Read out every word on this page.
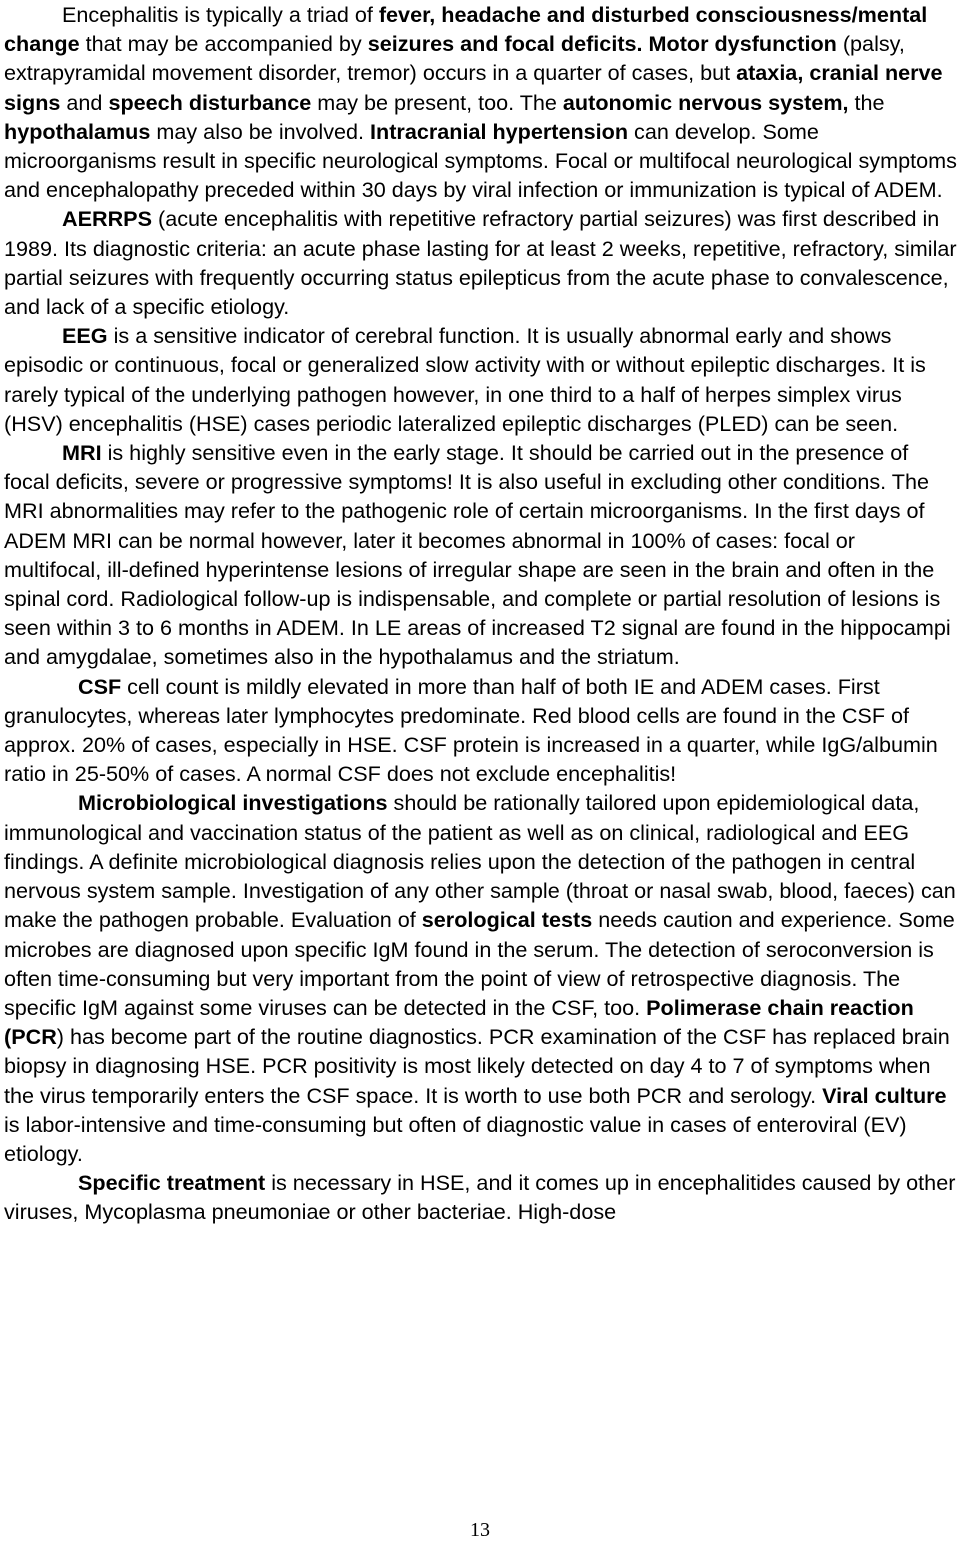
Encephalitis is typically a triad of fever, headache and disturbed consciousness/mental change that may be accompanied by seizures and focal deficits. Motor dysfunction (palsy, extrapyramidal movement disorder, tremor) occurs in a quarter of cases, but ataxia, cranial nerve signs and speech disturbance may be present, too. The autonomic nervous system, the hypothalamus may also be involved. Intracranial hypertension can develop. Some microorganisms result in specific neurological symptoms. Focal or multifocal neurological symptoms and encephalopathy preceded within 30 days by viral infection or immunization is typical of ADEM.

AERRPS (acute encephalitis with repetitive refractory partial seizures) was first described in 1989. Its diagnostic criteria: an acute phase lasting for at least 2 weeks, repetitive, refractory, similar partial seizures with frequently occurring status epilepticus from the acute phase to convalescence, and lack of a specific etiology.

EEG is a sensitive indicator of cerebral function. It is usually abnormal early and shows episodic or continuous, focal or generalized slow activity with or without epileptic discharges. It is rarely typical of the underlying pathogen however, in one third to a half of herpes simplex virus (HSV) encephalitis (HSE) cases periodic lateralized epileptic discharges (PLED) can be seen.

MRI is highly sensitive even in the early stage. It should be carried out in the presence of focal deficits, severe or progressive symptoms! It is also useful in excluding other conditions. The MRI abnormalities may refer to the pathogenic role of certain microorganisms. In the first days of ADEM MRI can be normal however, later it becomes abnormal in 100% of cases: focal or multifocal, ill-defined hyperintense lesions of irregular shape are seen in the brain and often in the spinal cord. Radiological follow-up is indispensable, and complete or partial resolution of lesions is seen within 3 to 6 months in ADEM. In LE areas of increased T2 signal are found in the hippocampi and amygdalae, sometimes also in the hypothalamus and the striatum.

CSF cell count is mildly elevated in more than half of both IE and ADEM cases. First granulocytes, whereas later lymphocytes predominate. Red blood cells are found in the CSF of approx. 20% of cases, especially in HSE. CSF protein is increased in a quarter, while IgG/albumin ratio in 25-50% of cases. A normal CSF does not exclude encephalitis!

Microbiological investigations should be rationally tailored upon epidemiological data, immunological and vaccination status of the patient as well as on clinical, radiological and EEG findings. A definite microbiological diagnosis relies upon the detection of the pathogen in central nervous system sample. Investigation of any other sample (throat or nasal swab, blood, faeces) can make the pathogen probable. Evaluation of serological tests needs caution and experience. Some microbes are diagnosed upon specific IgM found in the serum. The detection of seroconversion is often time-consuming but very important from the point of view of retrospective diagnosis. The specific IgM against some viruses can be detected in the CSF, too. Polimerase chain reaction (PCR) has become part of the routine diagnostics. PCR examination of the CSF has replaced brain biopsy in diagnosing HSE. PCR positivity is most likely detected on day 4 to 7 of symptoms when the virus temporarily enters the CSF space. It is worth to use both PCR and serology. Viral culture is labor-intensive and time-consuming but often of diagnostic value in cases of enteroviral (EV) etiology.

Specific treatment is necessary in HSE, and it comes up in encephalitides caused by other viruses, Mycoplasma pneumoniae or other bacteriae. High-dose

13
